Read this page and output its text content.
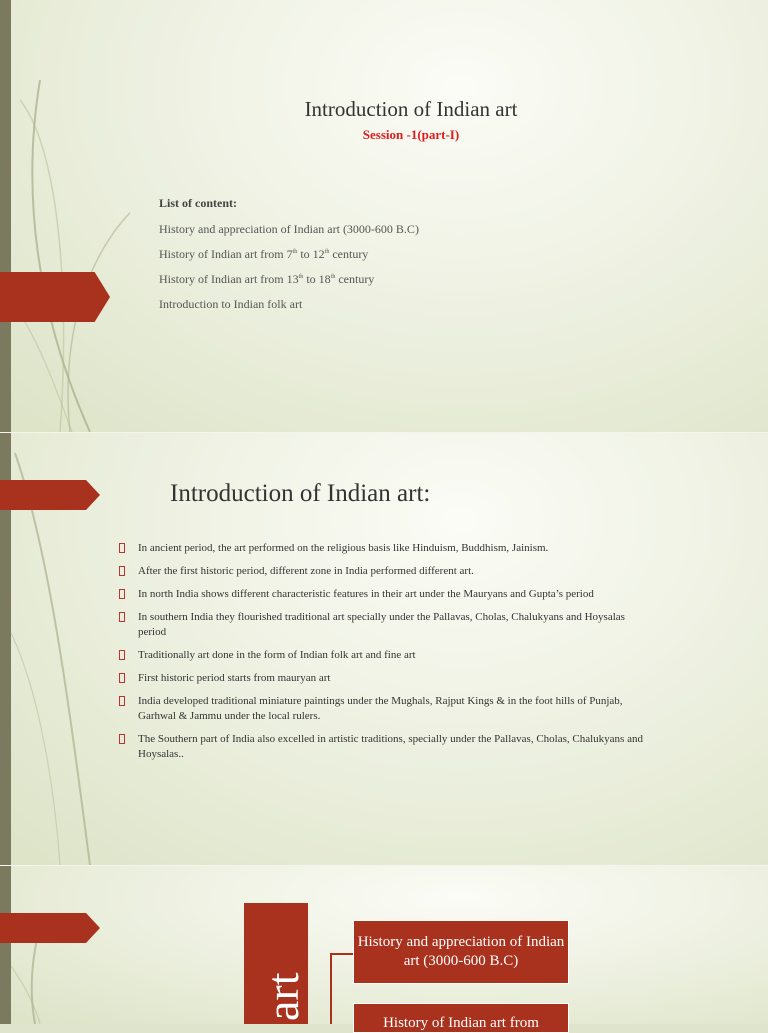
Introduction of Indian art
Session -1(part-I)
List of content:
History and appreciation of Indian art (3000-600 B.C)
History of Indian art from 7th to 12th century
History of Indian art from 13th to 18th century
Introduction to Indian folk art
Introduction of Indian art:
In ancient period, the art performed on the religious basis like Hinduism, Buddhism, Jainism.
After the first historic period, different zone in India performed different art.
In north India shows different characteristic features in their art under the Mauryans and Gupta’s period
In southern India they flourished traditional art specially under the Pallavas, Cholas, Chalukyans and Hoysalas period
Traditionally art done in the form of Indian folk art and fine art
First historic period starts from mauryan art
India developed traditional miniature paintings under the Mughals, Rajput Kings & in the foot hills of Punjab, Garhwal & Jammu under the local rulers.
The Southern part of India also excelled in artistic traditions, specially under the Pallavas, Cholas, Chalukyans and Hoysalas..
art
History and appreciation of Indian art (3000-600 B.C)
History of Indian art from
